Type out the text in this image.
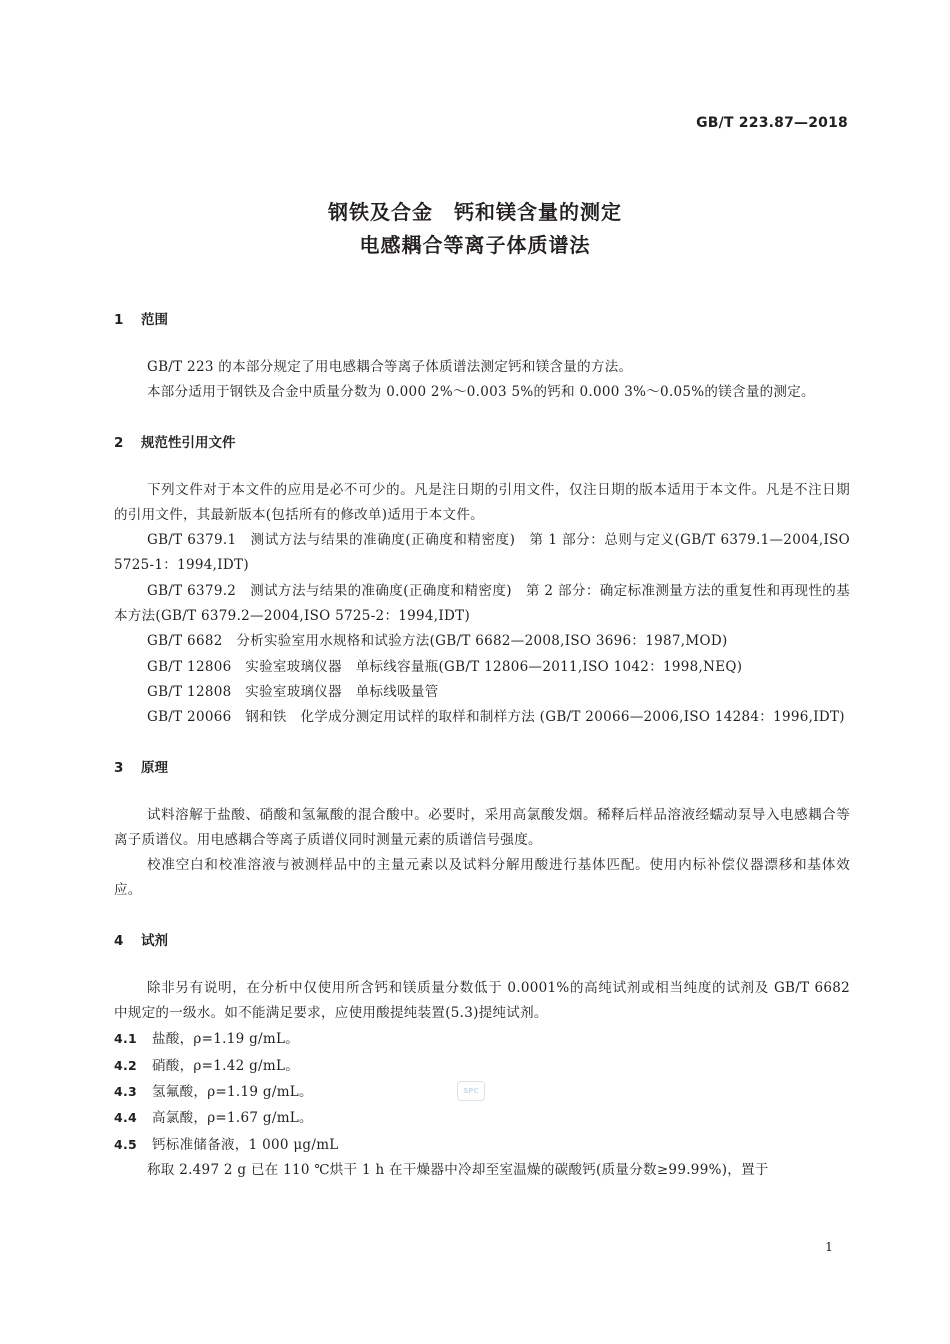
GB/T 223.87—2018
钢铁及合金　钙和镁含量的测定
电感耦合等离子体质谱法
1 范围
GB/T 223 的本部分规定了用电感耦合等离子体质谱法测定钙和镁含量的方法。
本部分适用于钢铁及合金中质量分数为 0.000 2%～0.003 5%的钙和 0.000 3%～0.05%的镁含量的测定。
2 规范性引用文件
下列文件对于本文件的应用是必不可少的。凡是注日期的引用文件，仅注日期的版本适用于本文件。凡是不注日期的引用文件，其最新版本(包括所有的修改单)适用于本文件。
GB/T 6379.1　测试方法与结果的准确度(正确度和精密度)　第 1 部分：总则与定义(GB/T 6379.1—2004,ISO 5725-1：1994,IDT)
GB/T 6379.2　测试方法与结果的准确度(正确度和精密度)　第 2 部分：确定标准测量方法的重复性和再现性的基本方法(GB/T 6379.2—2004,ISO 5725-2：1994,IDT)
GB/T 6682　分析实验室用水规格和试验方法(GB/T 6682—2008,ISO 3696：1987,MOD)
GB/T 12806　实验室玻璃仪器　单标线容量瓶(GB/T 12806—2011,ISO 1042：1998,NEQ)
GB/T 12808　实验室玻璃仪器　单标线吸量管
GB/T 20066　钢和铁　化学成分测定用试样的取样和制样方法 (GB/T 20066—2006,ISO 14284：1996,IDT)
3 原理
试料溶解于盐酸、硝酸和氢氟酸的混合酸中。必要时，采用高氯酸发烟。稀释后样品溶液经蠕动泵导入电感耦合等离子质谱仪。用电感耦合等离子质谱仪同时测量元素的质谱信号强度。
校准空白和校准溶液与被测样品中的主量元素以及试料分解用酸进行基体匹配。使用内标补偿仪器漂移和基体效应。
4 试剂
除非另有说明，在分析中仅使用所含钙和镁质量分数低于 0.0001%的高纯试剂或相当纯度的试剂及 GB/T 6682 中规定的一级水。如不能满足要求，应使用酸提纯装置(5.3)提纯试剂。
4.1 盐酸，ρ=1.19 g/mL。
4.2 硝酸，ρ=1.42 g/mL。
4.3 氢氟酸，ρ=1.19 g/mL。
4.4 高氯酸，ρ=1.67 g/mL。
4.5 钙标准储备液，1 000 μg/mL
称取 2.497 2 g 已在 110 ℃烘干 1 h 在干燥器中冷却至室温燥的碳酸钙(质量分数≥99.99%)，置于
SPC
1
